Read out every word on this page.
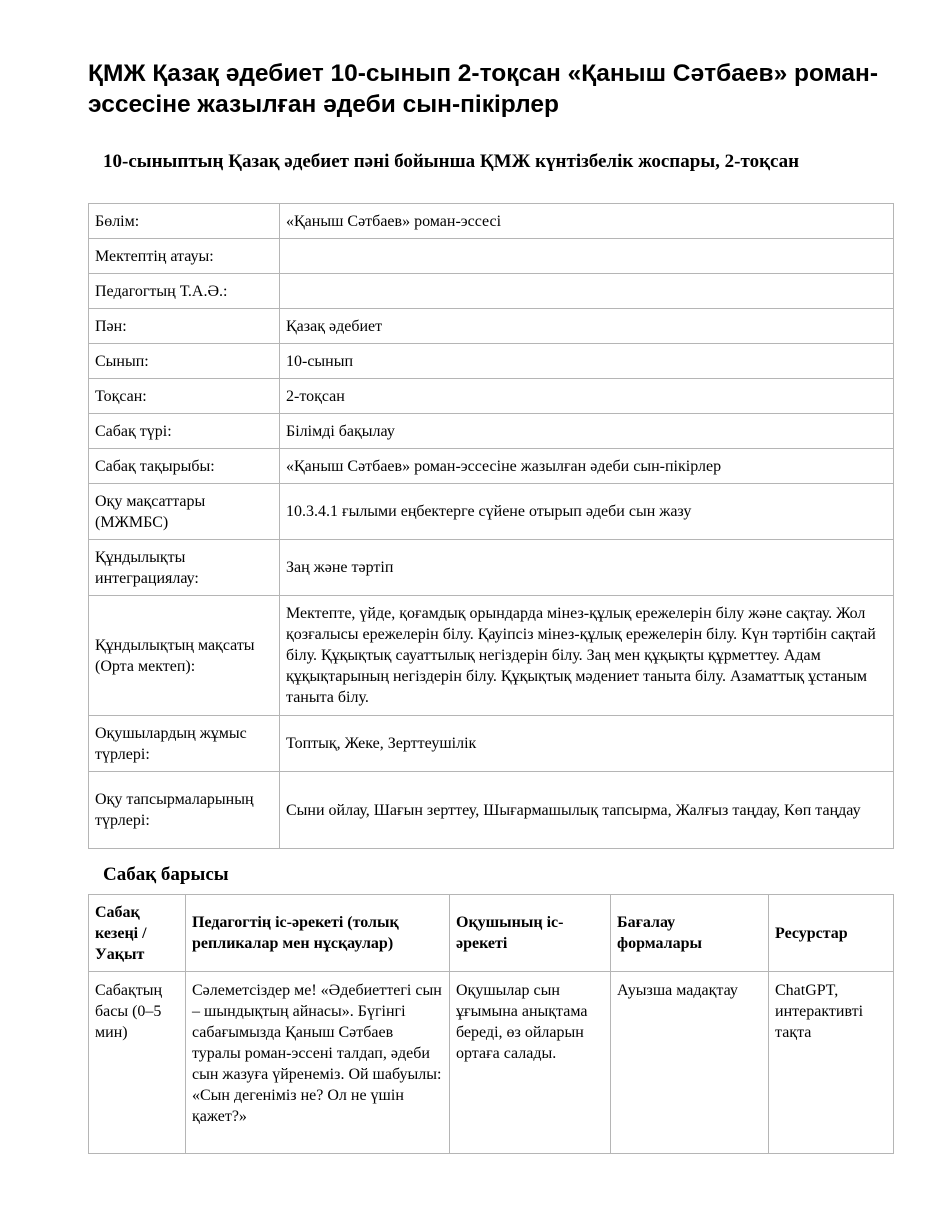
ҚМЖ Қазақ әдебиет 10-сынып 2-тоқсан «Қаныш Сәтбаев» роман-эссесіне жазылған әдеби сын-пікірлер
10-сыныптың Қазақ әдебиет пәні бойынша ҚМЖ күнтізбелік жоспары, 2-тоқсан
Бөлім:	«Қаныш Сәтбаев» роман-эссесі
Мектептің атауы:	
Педагогтың Т.А.Ә.:	
Пән:	Қазақ әдебиет
Сынып:	10-сынып
Тоқсан:	2-тоқсан
Сабақ түрі:	Білімді бақылау
Сабақ тақырыбы:	«Қаныш Сәтбаев» роман-эссесіне жазылған әдеби сын-пікірлер
Оқу мақсаттары (МЖМБС)	10.3.4.1 ғылыми еңбектерге сүйене отырып әдеби сын жазу
Құндылықты интеграциялау:	Заң және тәртіп
Құндылықтың мақсаты (Орта мектеп):	Мектепте, үйде, қоғамдық орындарда мінез-құлық ережелерін білу және сақтау. Жол қозғалысы ережелерін білу. Қауіпсіз мінез-құлық ережелерін білу. Күн тәртібін сақтай білу. Құқықтық сауаттылық негіздерін білу. Заң мен құқықты құрметтеу. Адам құқықтарының негіздерін білу. Құқықтық мәдениет таныта білу. Азаматтық ұстаным таныта білу.
Оқушылардың жұмыс түрлері:	Топтық, Жеке, Зерттеушілік
Оқу тапсырмаларының түрлері:	Сыни ойлау, Шағын зерттеу, Шығармашылық тапсырма, Жалғыз таңдау, Көп таңдау
Сабақ барысы
Сабақ кезеңі / Уақыт	Педагогтің іс-әрекеті (толық репликалар мен нұсқаулар)	Оқушының іс-әрекеті	Бағалау формалары	Ресурстар
Сабақтың басы (0–5 мин)	Сәлеметсіздер ме! «Әдебиеттегі сын – шындықтың айнасы». Бүгінгі сабағымызда Қаныш Сәтбаев туралы роман-эссені талдап, әдеби сын жазуға үйренеміз. Ой шабуылы: «Сын дегеніміз не? Ол не үшін қажет?»	Оқушылар сын ұғымына анықтама береді, өз ойларын ортаға салады.	Ауызша мадақтау	ChatGPT, интерактивті тақта
